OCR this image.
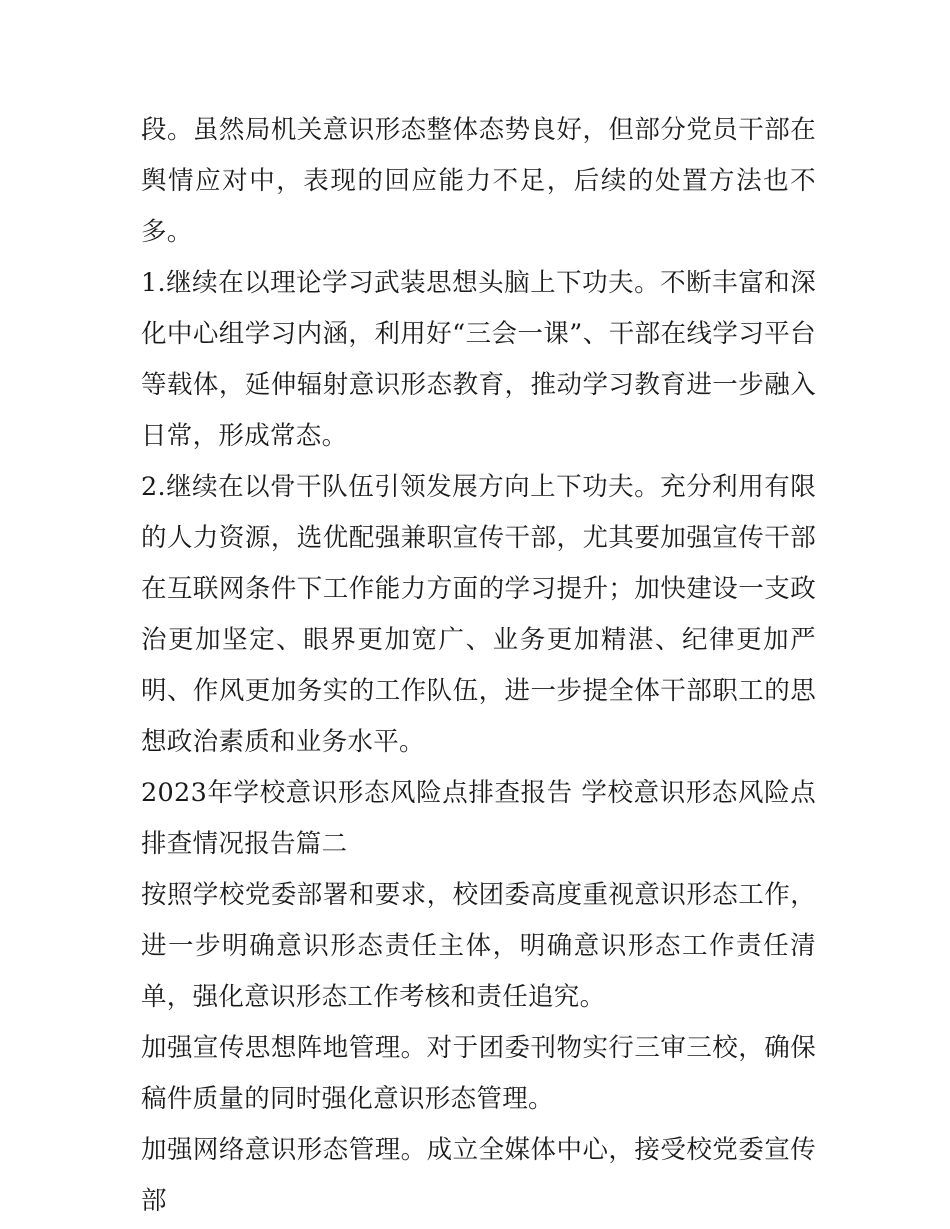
段。虽然局机关意识形态整体态势良好，但部分党员干部在舆情应对中，表现的回应能力不足，后续的处置方法也不多。

1.继续在以理论学习武装思想头脑上下功夫。不断丰富和深化中心组学习内涵，利用好“三会一课”、干部在线学习平台等载体，延伸辐射意识形态教育，推动学习教育进一步融入日常，形成常态。

2.继续在以骨干队伍引领发展方向上下功夫。充分利用有限的人力资源，选优配强兼职宣传干部，尤其要加强宣传干部在互联网条件下工作能力方面的学习提升；加快建设一支政治更加坚定、眼界更加宽广、业务更加精湛、纪律更加严明、作风更加务实的工作队伍，进一步提全体干部职工的思想政治素质和业务水平。

2023年学校意识形态风险点排查报告 学校意识形态风险点排查情况报告篇二

按照学校党委部署和要求，校团委高度重视意识形态工作，进一步明确意识形态责任主体，明确意识形态工作责任清单，强化意识形态工作考核和责任追究。

加强宣传思想阵地管理。对于团委刊物实行三审三校，确保稿件质量的同时强化意识形态管理。

加强网络意识形态管理。成立全媒体中心，接受校党委宣传部
